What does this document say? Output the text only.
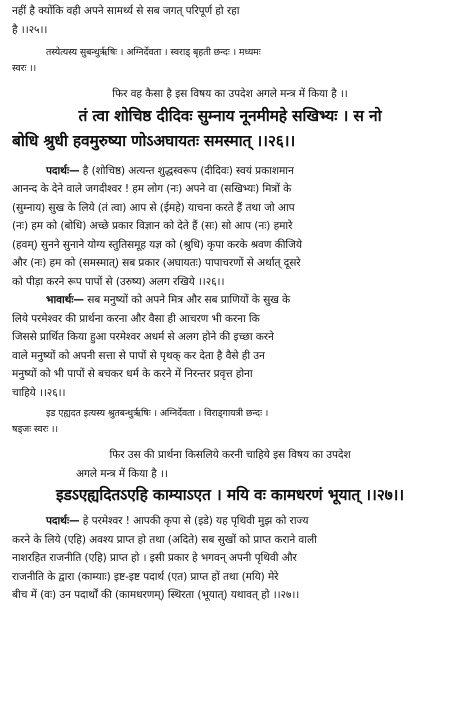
नहीं है क्योंकि वही अपने सामर्थ्य से सब जगत् परिपूर्ण हो रहा
है ।।२५।।
तस्येत्यस्य सुबन्धुर्ऋषिः । अग्निर्देवता । स्वराड् बृहती छन्दः । मध्यमः
स्वरः ।।
फिर वह कैसा है इस विषय का उपदेश अगले मन्त्र में किया है ।।
तं त्वा शोचिष्ठ दीदिवः सुम्नाय नूनमीमहे सखिभ्यः । स नो
बोधि श्रुधी हवमुरुष्या णोऽअघायतः समस्मात् ।।२६।।
पदार्थः— है (शोचिष्ठ) अत्यन्त शुद्धस्वरूप (दीदिवः) स्वयं प्रकाशमान
आनन्द के देने वाले जगदीश्वर ! हम लोग (नः) अपने वा (सखिभ्यः) मित्रों के
(सुम्नाय) सुख के लिये (तं त्वा) आप से (ईमहे) याचना करते हैं तथा जो आप
(नः) हम को (बोधि) अच्छे प्रकार विज्ञान को देते हैं (सः) सो आप (नः) हमारे
(हवम्) सुनने सुनाने योग्य स्तुतिसमूह यज्ञ को (श्रुधि) कृपा करके श्रवण कीजिये
और (नः) हम को (समस्मात्) सब प्रकार (अघायतः) पापाचरणों से अर्थात् दूसरे
को पीड़ा करने रूप पापों से (उरुष्य) अलग रखिये ।।२६।।
भावार्थः— सब मनुष्यों को अपने मित्र और सब प्राणियों के सुख के
लिये परमेश्वर की प्रार्थना करना और वैसा ही आचरण भी करना कि
जिससे प्रार्थित किया हुआ परमेश्वर अधर्म से अलग होने की इच्छा करने
वाले मनुष्यों को अपनी सत्ता से पापों से पृथक् कर देता है वैसे ही उन
मनुष्यों को भी पापों से बचकर धर्म के करने में निरन्तर प्रवृत्त होना
चाहिये ।।२६।।
इड एह्यदत इत्यस्य श्रुतबन्धुर्ऋषिः । अग्निर्देवता । विराड्गायत्री छन्दः ।
षड्जः स्वरः ।।
फिर उस की प्रार्थना किसलिये करनी चाहिये इस विषय का उपदेश
अगले मन्त्र में किया है ।।
इडऽएह्यदितऽएहि काम्याऽएत । मयि वः कामधरणं भूयात् ।।२७।।
पदार्थः— हे परमेश्वर ! आपकी कृपा से (इडे) यह पृथिवी मुझ को राज्य
करने के लिये (एहि) अवश्य प्राप्त हो तथा (अदिते) सब सुखों को प्राप्त कराने वाली
नाशरहित राजनीति (एहि) प्राप्त हो । इसी प्रकार हे भगवन् अपनी पृथिवी और
राजनीति के द्वारा (काम्याः) इष्ट-इष्ट पदार्थ (एत) प्राप्त हों तथा (मयि) मेरे
बीच में (वः) उन पदार्थों की (कामधरणम्) स्थिरता (भूयात्) यथावत् हो ।।२७।।
